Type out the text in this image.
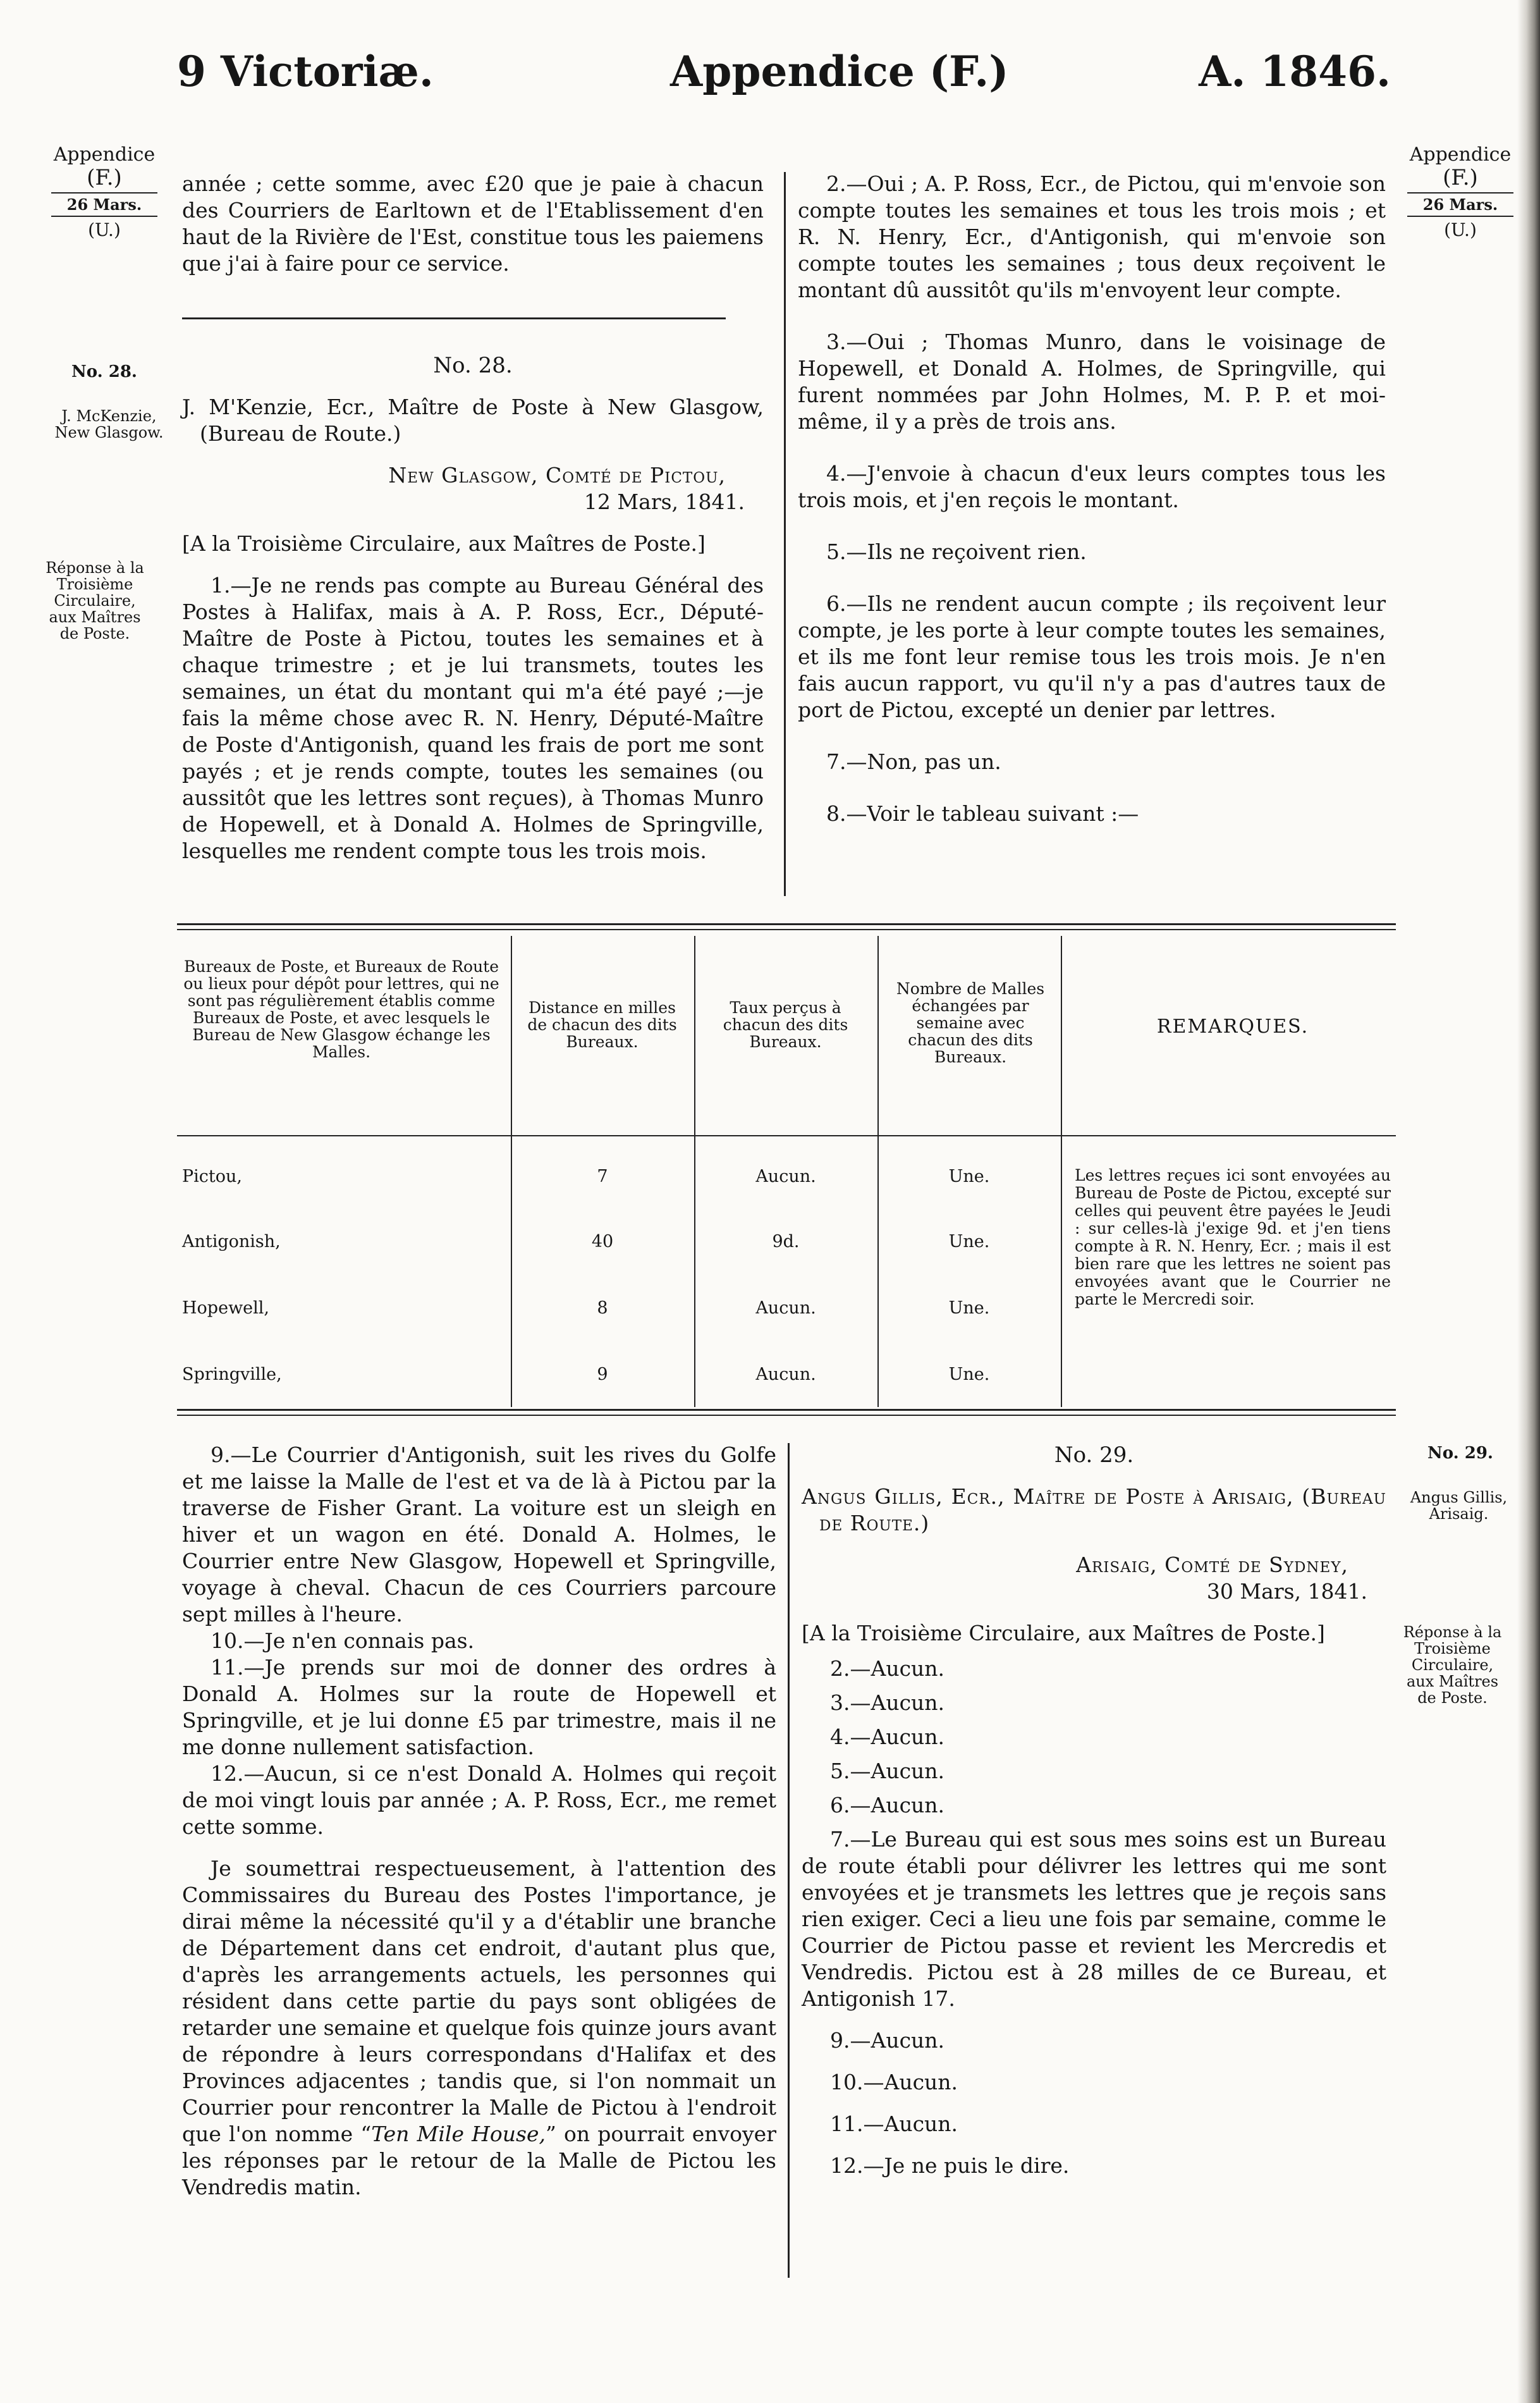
9 Victoriæ.	Appendice (F.)	A. 1846.
Appendice
(F.)
26 Mars.
(U.)
Appendice
(F.)
26 Mars.
(U.)
No. 28.
J. McKenzie, New Glasgow.
Réponse à la Troisième Circulaire, aux Maîtres de Poste.
No. 29.
Angus Gillis, Arisaig.
Réponse à la Troisième Circulaire, aux Maîtres de Poste.

année ; cette somme, avec £20 que je paie à chacun des Courriers de Earltown et de l'Etablissement d'en haut de la Rivière de l'Est, constitue tous les paiemens que j'ai à faire pour ce service.

No. 28.

J. M'Kenzie, Ecr., Maître de Poste à New Glasgow, (Bureau de Route.)

New Glasgow, Comté de Pictou,

12 Mars, 1841.

[A la Troisième Circulaire, aux Maîtres de Poste.]

1.—Je ne rends pas compte au Bureau Général des Postes à Halifax, mais à A. P. Ross, Ecr., Député-Maître de Poste à Pictou, toutes les semaines et à chaque trimestre ; et je lui transmets, toutes les semaines, un état du montant qui m'a été payé ;—je fais la même chose avec R. N. Henry, Député-Maître de Poste d'Antigonish, quand les frais de port me sont payés ; et je rends compte, toutes les semaines (ou aussitôt que les lettres sont reçues), à Thomas Munro de Hopewell, et à Donald A. Holmes de Springville, lesquelles me rendent compte tous les trois mois.

2.—Oui ; A. P. Ross, Ecr., de Pictou, qui m'envoie son compte toutes les semaines et tous les trois mois ; et R. N. Henry, Ecr., d'Antigonish, qui m'envoie son compte toutes les semaines ; tous deux reçoivent le montant dû aussitôt qu'ils m'envoyent leur compte.

3.—Oui ; Thomas Munro, dans le voisinage de Hopewell, et Donald A. Holmes, de Springville, qui furent nommées par John Holmes, M. P. P. et moi-même, il y a près de trois ans.

4.—J'envoie à chacun d'eux leurs comptes tous les trois mois, et j'en reçois le montant.

5.—Ils ne reçoivent rien.

6.—Ils ne rendent aucun compte ; ils reçoivent leur compte, je les porte à leur compte toutes les semaines, et ils me font leur remise tous les trois mois. Je n'en fais aucun rapport, vu qu'il n'y a pas d'autres taux de port de Pictou, excepté un denier par lettres.

7.—Non, pas un.

8.—Voir le tableau suivant :—

Bureaux de Poste, et Bureaux de Route ou lieux pour dépôt pour lettres, qui ne sont pas régulièrement établis comme Bureaux de Poste, et avec lesquels le Bureau de New Glasgow échange les Malles.
Distance en milles de chacun des dits Bureaux.
Taux perçus à chacun des dits Bureaux.
Nombre de Malles échangées par semaine avec chacun des dits Bureaux.
REMARQUES.
Pictou,	7	Aucun.	Une.
Antigonish,	40	9d.	Une.
Hopewell,	8	Aucun.	Une.
Springville,	9	Aucun.	Une.
Les lettres reçues ici sont envoyées au Bureau de Poste de Pictou, excepté sur celles qui peuvent être payées le Jeudi : sur celles-là j'exige 9d. et j'en tiens compte à R. N. Henry, Ecr. ; mais il est bien rare que les lettres ne soient pas envoyées avant que le Courrier ne parte le Mercredi soir.

9.—Le Courrier d'Antigonish, suit les rives du Golfe et me laisse la Malle de l'est et va de là à Pictou par la traverse de Fisher Grant. La voiture est un sleigh en hiver et un wagon en été. Donald A. Holmes, le Courrier entre New Glasgow, Hopewell et Springville, voyage à cheval. Chacun de ces Courriers parcoure sept milles à l'heure.

10.—Je n'en connais pas.

11.—Je prends sur moi de donner des ordres à Donald A. Holmes sur la route de Hopewell et Springville, et je lui donne £5 par trimestre, mais il ne me donne nullement satisfaction.

12.—Aucun, si ce n'est Donald A. Holmes qui reçoit de moi vingt louis par année ; A. P. Ross, Ecr., me remet cette somme.

Je soumettrai respectueusement, à l'attention des Commissaires du Bureau des Postes l'importance, je dirai même la nécessité qu'il y a d'établir une branche de Département dans cet endroit, d'autant plus que, d'après les arrangements actuels, les personnes qui résident dans cette partie du pays sont obligées de retarder une semaine et quelque fois quinze jours avant de répondre à leurs correspondans d'Halifax et des Provinces adjacentes ; tandis que, si l'on nommait un Courrier pour rencontrer la Malle de Pictou à l'endroit que l'on nomme “Ten Mile House,” on pourrait envoyer les réponses par le retour de la Malle de Pictou les Vendredis matin.

No. 29.

Angus Gillis, Ecr., Maître de Poste à Arisaig, (Bureau de Route.)

Arisaig, Comté de Sydney,

30 Mars, 1841.

[A la Troisième Circulaire, aux Maîtres de Poste.]

2.—Aucun.

3.—Aucun.

4.—Aucun.

5.—Aucun.

6.—Aucun.

7.—Le Bureau qui est sous mes soins est un Bureau de route établi pour délivrer les lettres qui me sont envoyées et je transmets les lettres que je reçois sans rien exiger. Ceci a lieu une fois par semaine, comme le Courrier de Pictou passe et revient les Mercredis et Vendredis. Pictou est à 28 milles de ce Bureau, et Antigonish 17.

9.—Aucun.

10.—Aucun.

11.—Aucun.

12.—Je ne puis le dire.
